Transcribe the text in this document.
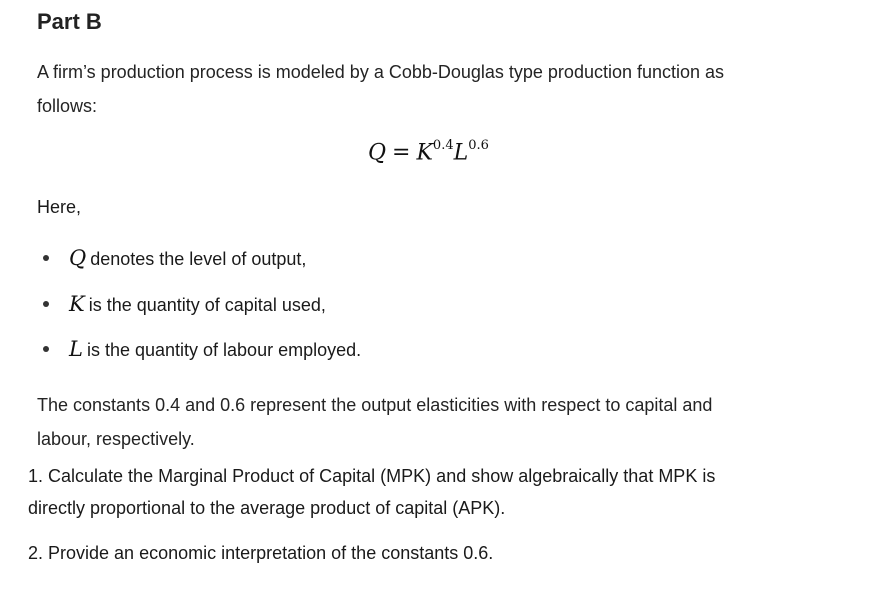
Part B
A firm’s production process is modeled by a Cobb-Douglas type production function as
follows:
$Q = K^{0.4}L^{0.6}$
Here,
Q denotes the level of output,
K is the quantity of capital used,
L is the quantity of labour employed.
The constants 0.4 and 0.6 represent the output elasticities with respect to capital and
labour, respectively.
1. Calculate the Marginal Product of Capital (MPK) and show algebraically that MPK is
directly proportional to the average product of capital (APK).
2. Provide an economic interpretation of the constants 0.6.
